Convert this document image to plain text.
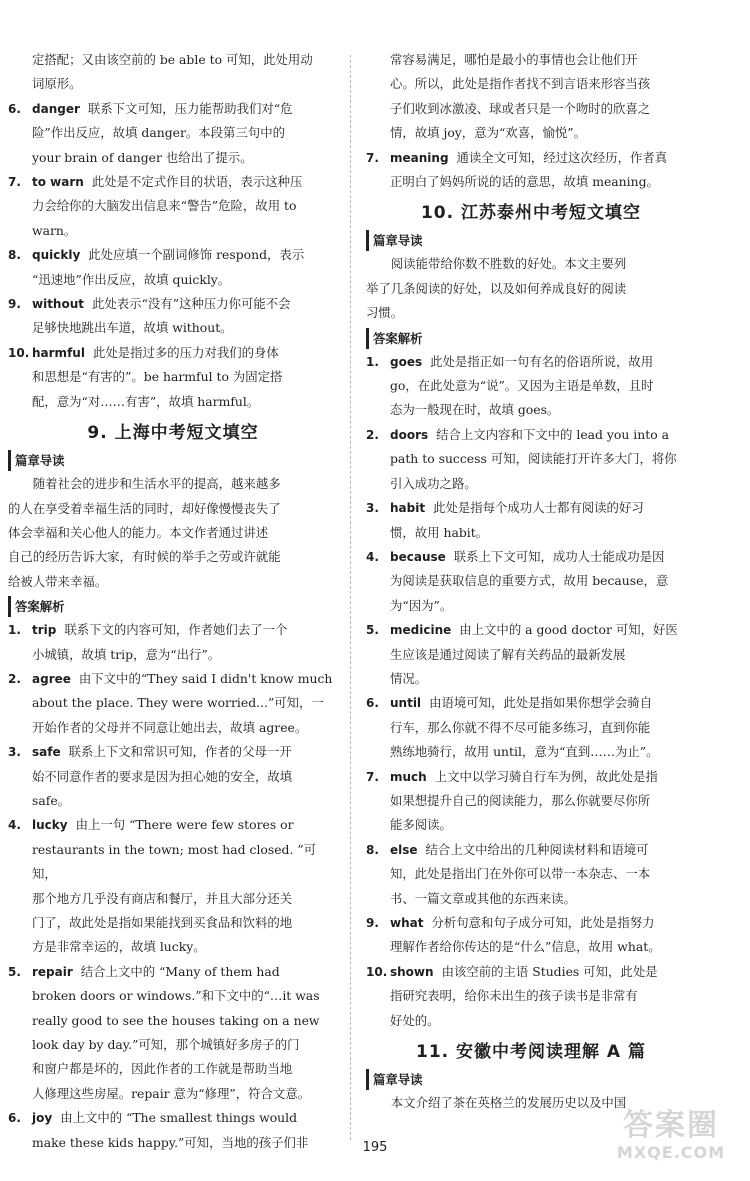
定搭配；又由该空前的 be able to 可知，此处用动
词原形。
6. danger 联系下文可知，压力能帮助我们对“危
险”作出反应，故填 danger。本段第三句中的
your brain of danger 也给出了提示。
7. to warn 此处是不定式作目的状语，表示这种压
力会给你的大脑发出信息来“警告”危险，故用 to
warn。
8. quickly 此处应填一个副词修饰 respond，表示
“迅速地”作出反应，故填 quickly。
9. without 此处表示“没有”这种压力你可能不会
足够快地跳出车道，故填 without。
10. harmful 此处是指过多的压力对我们的身体
和思想是“有害的”。be harmful to 为固定搭
配，意为“对……有害”，故填 harmful。
9. 上海中考短文填空
篇章导读
随着社会的进步和生活水平的提高，越来越多
的人在享受着幸福生活的同时，却好像慢慢丧失了
体会幸福和关心他人的能力。本文作者通过讲述
自己的经历告诉大家，有时候的举手之劳或许就能
给被人带来幸福。
答案解析
1. trip 联系下文的内容可知，作者她们去了一个
小城镇，故填 trip，意为“出行”。
2. agree 由下文中的“They said I didn't know much
about the place. They were worried...”可知，一
开始作者的父母并不同意让她出去，故填 agree。
3. safe 联系上下文和常识可知，作者的父母一开
始不同意作者的要求是因为担心她的安全，故填
safe。
4. lucky 由上一句 “There were few stores or
restaurants in the town; most had closed. ”可知，
那个地方几乎没有商店和餐厅，并且大部分还关
门了，故此处是指如果能找到买食品和饮料的地
方是非常幸运的，故填 lucky。
5. repair 结合上文中的 “Many of them had
broken doors or windows.”和下文中的“…it was
really good to see the houses taking on a new
look day by day.”可知，那个城镇好多房子的门
和窗户都是坏的，因此作者的工作就是帮助当地
人修理这些房屋。repair 意为“修理”，符合文意。
6. joy 由上文中的 “The smallest things would
make these kids happy.”可知，当地的孩子们非
常容易满足，哪怕是最小的事情也会让他们开
心。所以，此处是指作者找不到言语来形容当孩
子们收到冰激凌、球或者只是一个吻时的欣喜之
情，故填 joy，意为“欢喜，愉悦”。
7. meaning 通读全文可知，经过这次经历，作者真
正明白了妈妈所说的话的意思，故填 meaning。
10. 江苏泰州中考短文填空
篇章导读
阅读能带给你数不胜数的好处。本文主要列
举了几条阅读的好处，以及如何养成良好的阅读
习惯。
答案解析
1. goes 此处是指正如一句有名的俗语所说，故用
go，在此处意为“说”。又因为主语是单数，且时
态为一般现在时，故填 goes。
2. doors 结合上文内容和下文中的 lead you into a
path to success 可知，阅读能打开许多大门，将你
引入成功之路。
3. habit 此处是指每个成功人士都有阅读的好习
惯，故用 habit。
4. because 联系上下文可知，成功人士能成功是因
为阅读是获取信息的重要方式，故用 because，意
为“因为”。
5. medicine 由上文中的 a good doctor 可知，好医
生应该是通过阅读了解有关药品的最新发展
情况。
6. until 由语境可知，此处是指如果你想学会骑自
行车，那么你就不得不尽可能多练习，直到你能
熟练地骑行，故用 until，意为“直到……为止”。
7. much 上文中以学习骑自行车为例，故此处是指
如果想提升自己的阅读能力，那么你就要尽你所
能多阅读。
8. else 结合上文中给出的几种阅读材料和语境可
知，此处是指出门在外你可以带一本杂志、一本
书、一篇文章或其他的东西来读。
9. what 分析句意和句子成分可知，此处是指努力
理解作者给你传达的是“什么”信息，故用 what。
10. shown 由该空前的主语 Studies 可知，此处是
指研究表明，给你未出生的孩子读书是非常有
好处的。
11. 安徽中考阅读理解 A 篇
篇章导读
本文介绍了茶在英格兰的发展历史以及中国
195
答案圈
MXQE.COM
